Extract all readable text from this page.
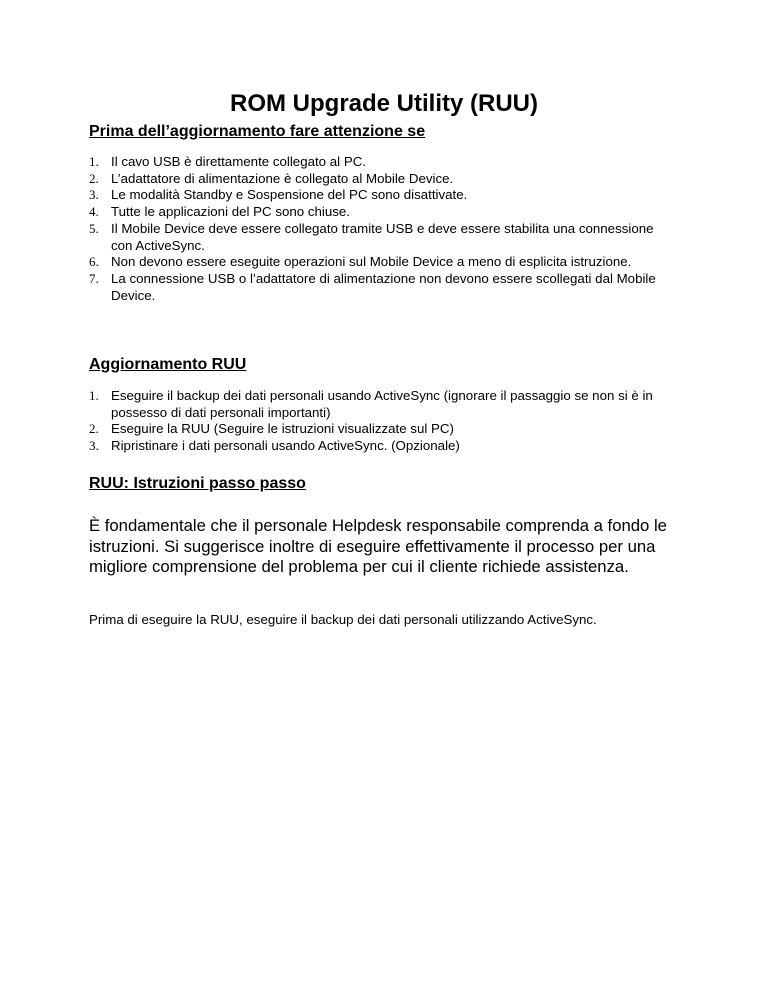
ROM Upgrade Utility (RUU)
Prima dell’aggiornamento fare attenzione se
1. Il cavo USB è direttamente collegato al PC.
2. L’adattatore di alimentazione è collegato al Mobile Device.
3. Le modalità Standby e Sospensione del PC sono disattivate.
4. Tutte le applicazioni del PC sono chiuse.
5. Il Mobile Device deve essere collegato tramite USB e deve essere stabilita una connessione con ActiveSync.
6. Non devono essere eseguite operazioni sul Mobile Device a meno di esplicita istruzione.
7. La connessione USB o l’adattatore di alimentazione non devono essere scollegati dal Mobile Device.
Aggiornamento RUU
1. Eseguire il backup dei dati personali usando ActiveSync (ignorare il passaggio se non si è in possesso di dati personali importanti)
2. Eseguire la RUU (Seguire le istruzioni visualizzate sul PC)
3. Ripristinare i dati personali usando ActiveSync. (Opzionale)
RUU: Istruzioni passo passo

È fondamentale che il personale Helpdesk responsabile comprenda a fondo le istruzioni. Si suggerisce inoltre di eseguire effettivamente il processo per una migliore comprensione del problema per cui il cliente richiede assistenza.

Prima di eseguire la RUU, eseguire il backup dei dati personali utilizzando ActiveSync.
